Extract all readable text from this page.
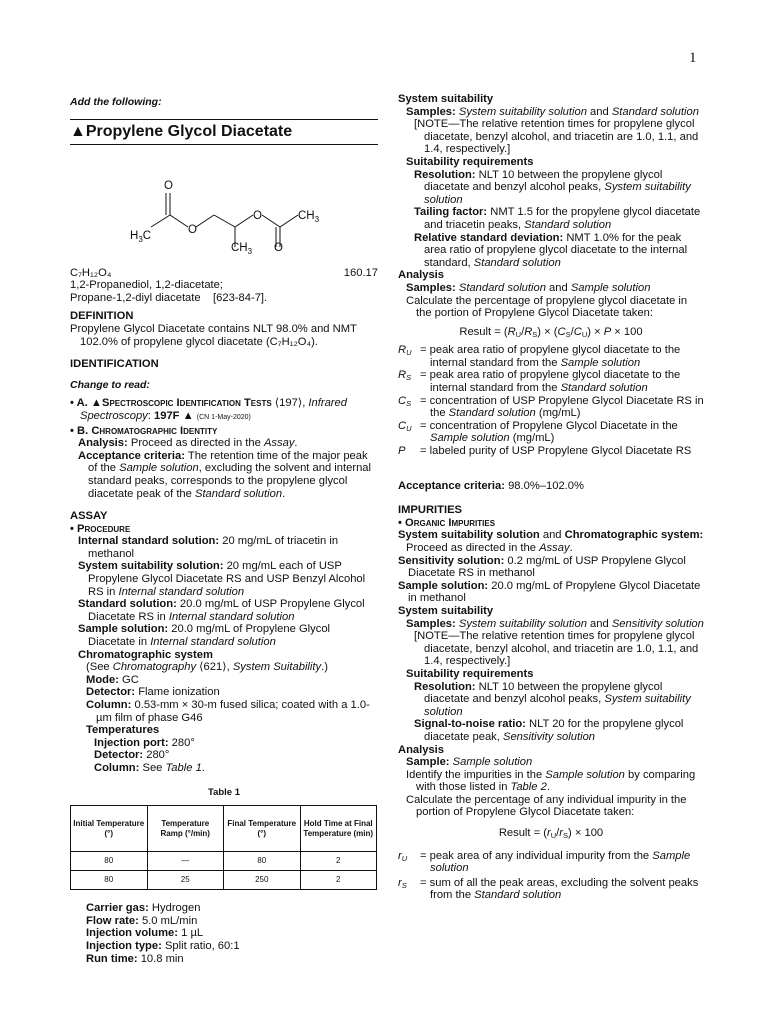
1
Add the following:
▲Propylene Glycol Diacetate
O
O
O
O
$H_3C$
$CH_3$
$CH_3$
C₇H₁₂O₄	160.17
1,2-Propanediol, 1,2-diacetate;
Propane-1,2-diyl diacetate    [623-84-7].
DEFINITION
Propylene Glycol Diacetate contains NLT 98.0% and NMT 102.0% of propylene glycol diacetate (C₇H₁₂O₄).
IDENTIFICATION
Change to read:
• A. ▲Spectroscopic Identification Tests ⟨197⟩, Infrared Spectroscopy: 197F ▲ (CN 1-May-2020)
• B. Chromatographic Identity
Analysis: Proceed as directed in the Assay.
Acceptance criteria: The retention time of the major peak of the Sample solution, excluding the solvent and internal standard peaks, corresponds to the propylene glycol diacetate peak of the Standard solution.
ASSAY
• Procedure
Internal standard solution: 20 mg/mL of triacetin in methanol
System suitability solution: 20 mg/mL each of USP Propylene Glycol Diacetate RS and USP Benzyl Alcohol RS in Internal standard solution
Standard solution: 20.0 mg/mL of USP Propylene Glycol Diacetate RS in Internal standard solution
Sample solution: 20.0 mg/mL of Propylene Glycol Diacetate in Internal standard solution
Chromatographic system
(See Chromatography ⟨621⟩, System Suitability.)
Mode: GC
Detector: Flame ionization
Column: 0.53-mm × 30-m fused silica; coated with a 1.0-µm film of phase G46
Temperatures
Injection port: 280°
Detector: 280°
Column: See Table 1.
Table 1
Initial Temperature (°)	Temperature Ramp (°/min)	Final Temperature (°)	Hold Time at Final Temperature (min)
80	—	80	2
80	25	250	2
Carrier gas: Hydrogen
Flow rate: 5.0 mL/min
Injection volume: 1 µL
Injection type: Split ratio, 60:1
Run time: 10.8 min
System suitability
Samples: System suitability solution and Standard solution
[NOTE—The relative retention times for propylene glycol diacetate, benzyl alcohol, and triacetin are 1.0, 1.1, and 1.4, respectively.]
Suitability requirements
Resolution: NLT 10 between the propylene glycol diacetate and benzyl alcohol peaks, System suitability solution
Tailing factor: NMT 1.5 for the propylene glycol diacetate and triacetin peaks, Standard solution
Relative standard deviation: NMT 1.0% for the peak area ratio of propylene glycol diacetate to the internal standard, Standard solution
Analysis
Samples: Standard solution and Sample solution
Calculate the percentage of propylene glycol diacetate in the portion of Propylene Glycol Diacetate taken:
Result = $(R_U/R_S) \times (C_S/C_U) \times P \times 100$
$R_U$ = peak area ratio of propylene glycol diacetate to the internal standard from the Sample solution
$R_S$ = peak area ratio of propylene glycol diacetate to the internal standard from the Standard solution
$C_S$ = concentration of USP Propylene Glycol Diacetate RS in the Standard solution (mg/mL)
$C_U$ = concentration of Propylene Glycol Diacetate in the Sample solution (mg/mL)
P	= labeled purity of USP Propylene Glycol Diacetate RS
Acceptance criteria: 98.0%–102.0%
IMPURITIES
• Organic Impurities
System suitability solution and Chromatographic system:
Proceed as directed in the Assay.
Sensitivity solution: 0.2 mg/mL of USP Propylene Glycol Diacetate RS in methanol
Sample solution: 20.0 mg/mL of Propylene Glycol Diacetate in methanol
System suitability
Samples: System suitability solution and Sensitivity solution
[NOTE—The relative retention times for propylene glycol diacetate, benzyl alcohol, and triacetin are 1.0, 1.1, and 1.4, respectively.]
Suitability requirements
Resolution: NLT 10 between the propylene glycol diacetate and benzyl alcohol peaks, System suitability solution
Signal-to-noise ratio: NLT 20 for the propylene glycol diacetate peak, Sensitivity solution
Analysis
Sample: Sample solution
Identify the impurities in the Sample solution by comparing with those listed in Table 2.
Calculate the percentage of any individual impurity in the portion of Propylene Glycol Diacetate taken:
Result = $(r_U/r_S) \times 100$
$r_U$	= peak area of any individual impurity from the Sample solution
$r_S$	= sum of all the peak areas, excluding the solvent peaks from the Standard solution
